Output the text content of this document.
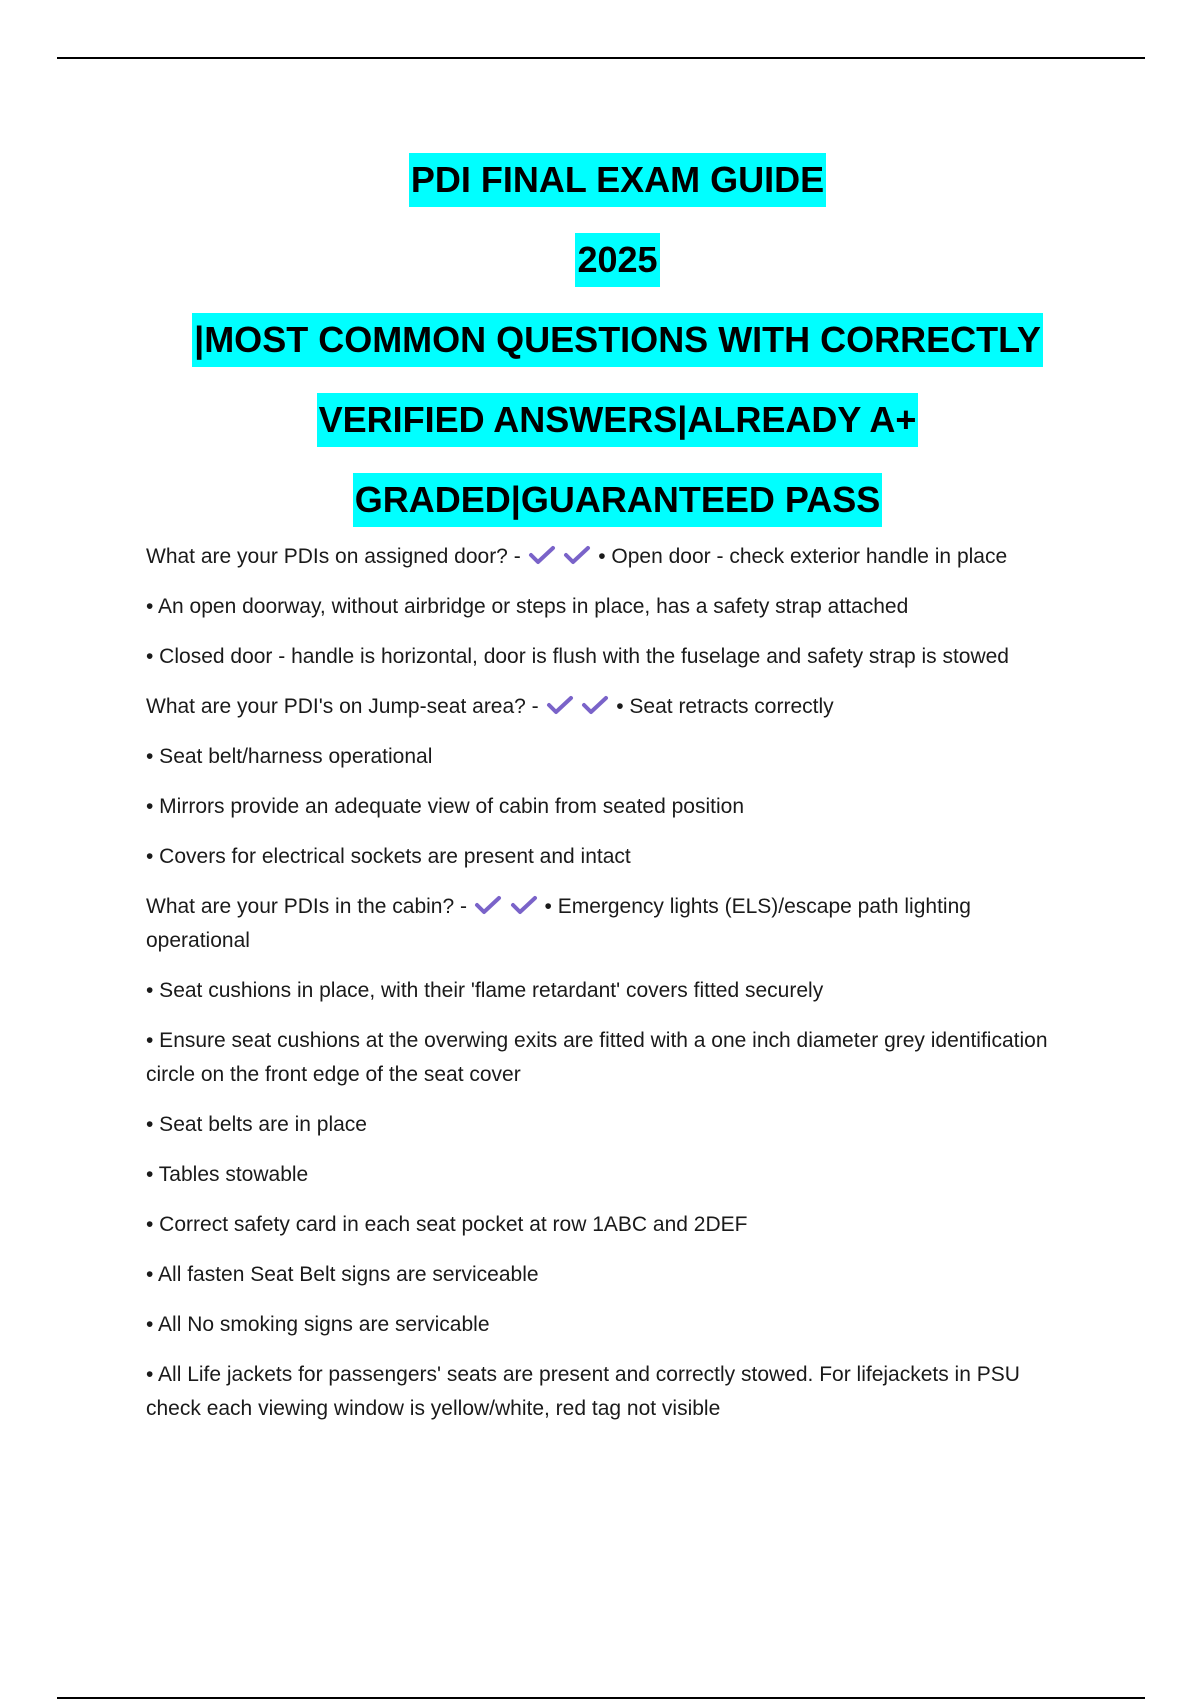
PDI FINAL EXAM GUIDE

2025

|MOST COMMON QUESTIONS WITH CORRECTLY

VERIFIED ANSWERS|ALREADY A+

GRADED|GUARANTEED PASS

What are your PDIs on assigned door? -
	• Open door - check exterior handle in place

• An open doorway, without airbridge or steps in place, has a safety strap attached

• Closed door - handle is horizontal, door is flush with the fuselage and safety strap is stowed

What are your PDI's on Jump-seat area? -
	• Seat retracts correctly

• Seat belt/harness operational

• Mirrors provide an adequate view of cabin from seated position

• Covers for electrical sockets are present and intact

What are your PDIs in the cabin? -
	• Emergency lights (ELS)/escape path lighting operational

• Seat cushions in place, with their 'flame retardant' covers fitted securely

• Ensure seat cushions at the overwing exits are fitted with a one inch diameter grey identification circle on the front edge of the seat cover

• Seat belts are in place

• Tables stowable

• Correct safety card in each seat pocket at row 1ABC and 2DEF

• All fasten Seat Belt signs are serviceable

• All No smoking signs are servicable

• All Life jackets for passengers' seats are present and correctly stowed. For lifejackets in PSU check each viewing window is yellow/white, red tag not visible
